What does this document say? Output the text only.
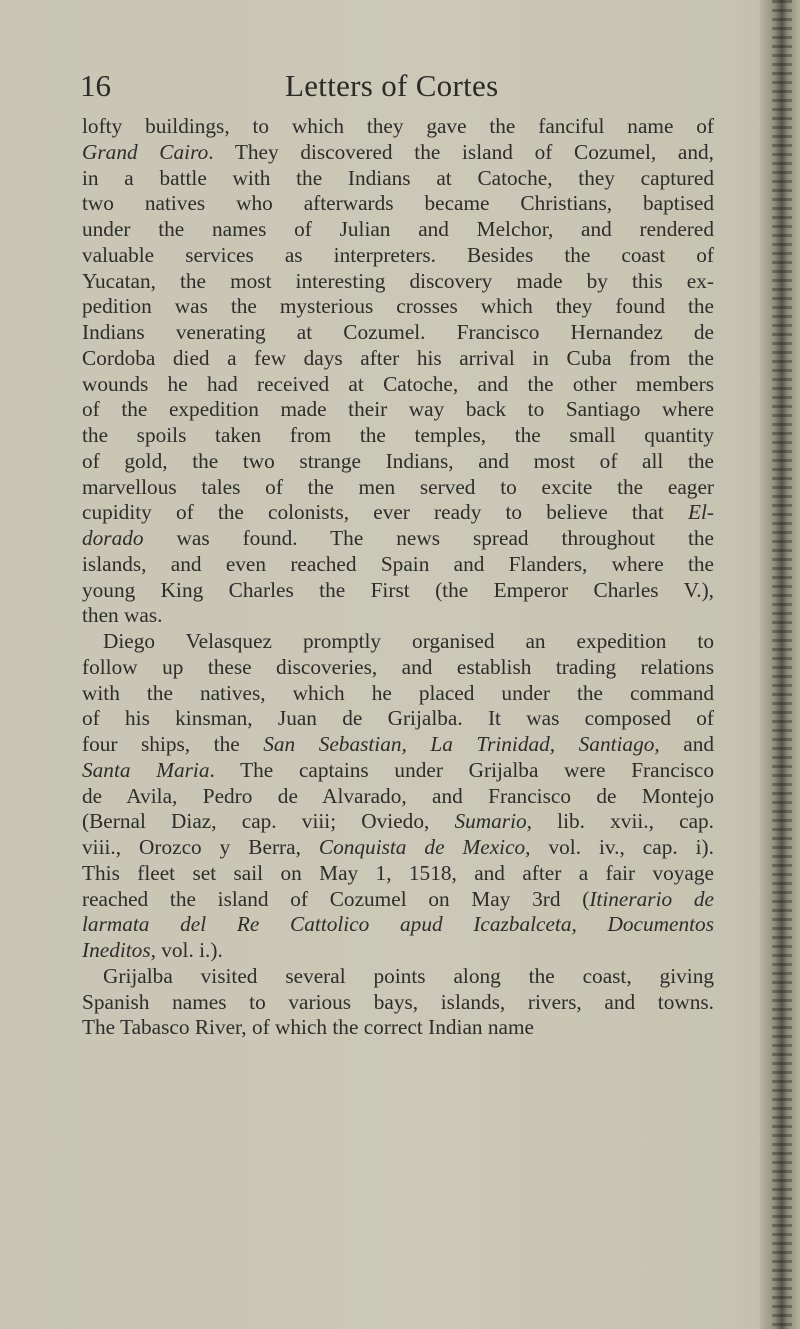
16	Letters of Cortes
lofty buildings, to which they gave the fanciful name of
Grand Cairo. They discovered the island of Cozumel, and,
in a battle with the Indians at Catoche, they captured
two natives who afterwards became Christians, baptised
under the names of Julian and Melchor, and rendered
valuable services as interpreters. Besides the coast of
Yucatan, the most interesting discovery made by this ex-
pedition was the mysterious crosses which they found the
Indians venerating at Cozumel. Francisco Hernandez de
Cordoba died a few days after his arrival in Cuba from the
wounds he had received at Catoche, and the other members
of the expedition made their way back to Santiago where
the spoils taken from the temples, the small quantity
of gold, the two strange Indians, and most of all the
marvellous tales of the men served to excite the eager
cupidity of the colonists, ever ready to believe that El-
dorado was found. The news spread throughout the
islands, and even reached Spain and Flanders, where the
young King Charles the First (the Emperor Charles V.),
then was.
Diego Velasquez promptly organised an expedition to
follow up these discoveries, and establish trading relations
with the natives, which he placed under the command
of his kinsman, Juan de Grijalba. It was composed of
four ships, the San Sebastian, La Trinidad, Santiago, and
Santa Maria. The captains under Grijalba were Francisco
de Avila, Pedro de Alvarado, and Francisco de Montejo
(Bernal Diaz, cap. viii; Oviedo, Sumario, lib. xvii., cap.
viii., Orozco y Berra, Conquista de Mexico, vol. iv., cap. i).
This fleet set sail on May 1, 1518, and after a fair voyage
reached the island of Cozumel on May 3rd (Itinerario de
larmata del Re Cattolico apud Icazbalceta, Documentos
Ineditos, vol. i.).
Grijalba visited several points along the coast, giving
Spanish names to various bays, islands, rivers, and towns.
The Tabasco River, of which the correct Indian name
